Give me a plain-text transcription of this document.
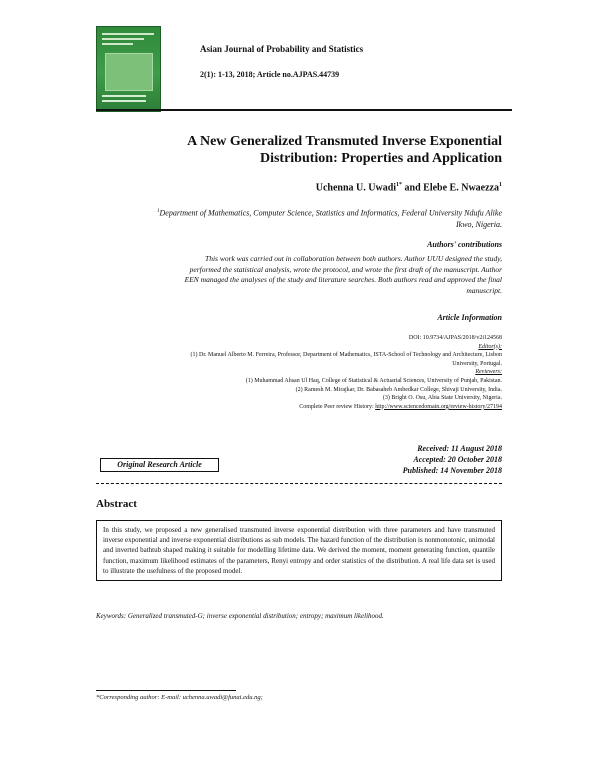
Asian Journal of Probability and Statistics
2(1): 1-13, 2018; Article no.AJPAS.44739
A New Generalized Transmuted Inverse Exponential
Distribution: Properties and Application
Uchenna U. Uwadi$^{1*}$ and Elebe E. Nwaezza$^1$
$^1$Department of Mathematics, Computer Science, Statistics and Informatics, Federal University Ndufu Alike
Ikwo, Nigeria.
Authors' contributions
This work was carried out in collaboration between both authors. Author UUU designed the study,
performed the statistical analysis, wrote the protocol, and wrote the first draft of the manuscript. Author
EEN managed the analyses of the study and literature searches. Both authors read and approved the final
manuscript.
Article Information
DOI: 10.9734/AJPAS/2018/v2i124568
Editor(s):
(1) Dr. Manuel Alberto M. Ferreira, Professor, Department of Mathematics, ISTA-School of Technology and Architecture, Lisbon
University, Portugal.
Reviewers:
(1) Muhammad Ahsan Ul Haq, College of Statistical & Actuarial Sciences, University of Punjab, Pakistan.
(2) Ramesh M. Mirajkar, Dr. Babasaheb Ambedkar College, Shivaji University, India.
(3) Bright O. Osu, Abia State University, Nigeria.
Complete Peer review History: http://www.sciencedomain.org/review-history/27194
Received: 11 August 2018
Accepted: 20 October 2018
Published: 14 November 2018
Original Research Article
Abstract
In this study, we proposed a new generalised transmuted inverse exponential distribution with three parameters and have transmuted inverse exponential and inverse exponential distributions as sub models. The hazard function of the distribution is nonmonotonic, unimodal and inverted bathtub shaped making it suitable for modelling lifetime data. We derived the moment, moment generating function, quantile function, maximum likelihood estimates of the parameters, Renyi entropy and order statistics of the distribution. A real life data set is used to illustrate the usefulness of the proposed model.
Keywords: Generalized transmuted-G; inverse exponential distribution; entropy; maximum likelihood.
*Corresponding author: E-mail: uchenna.uwadi@funai.edu.ng;
